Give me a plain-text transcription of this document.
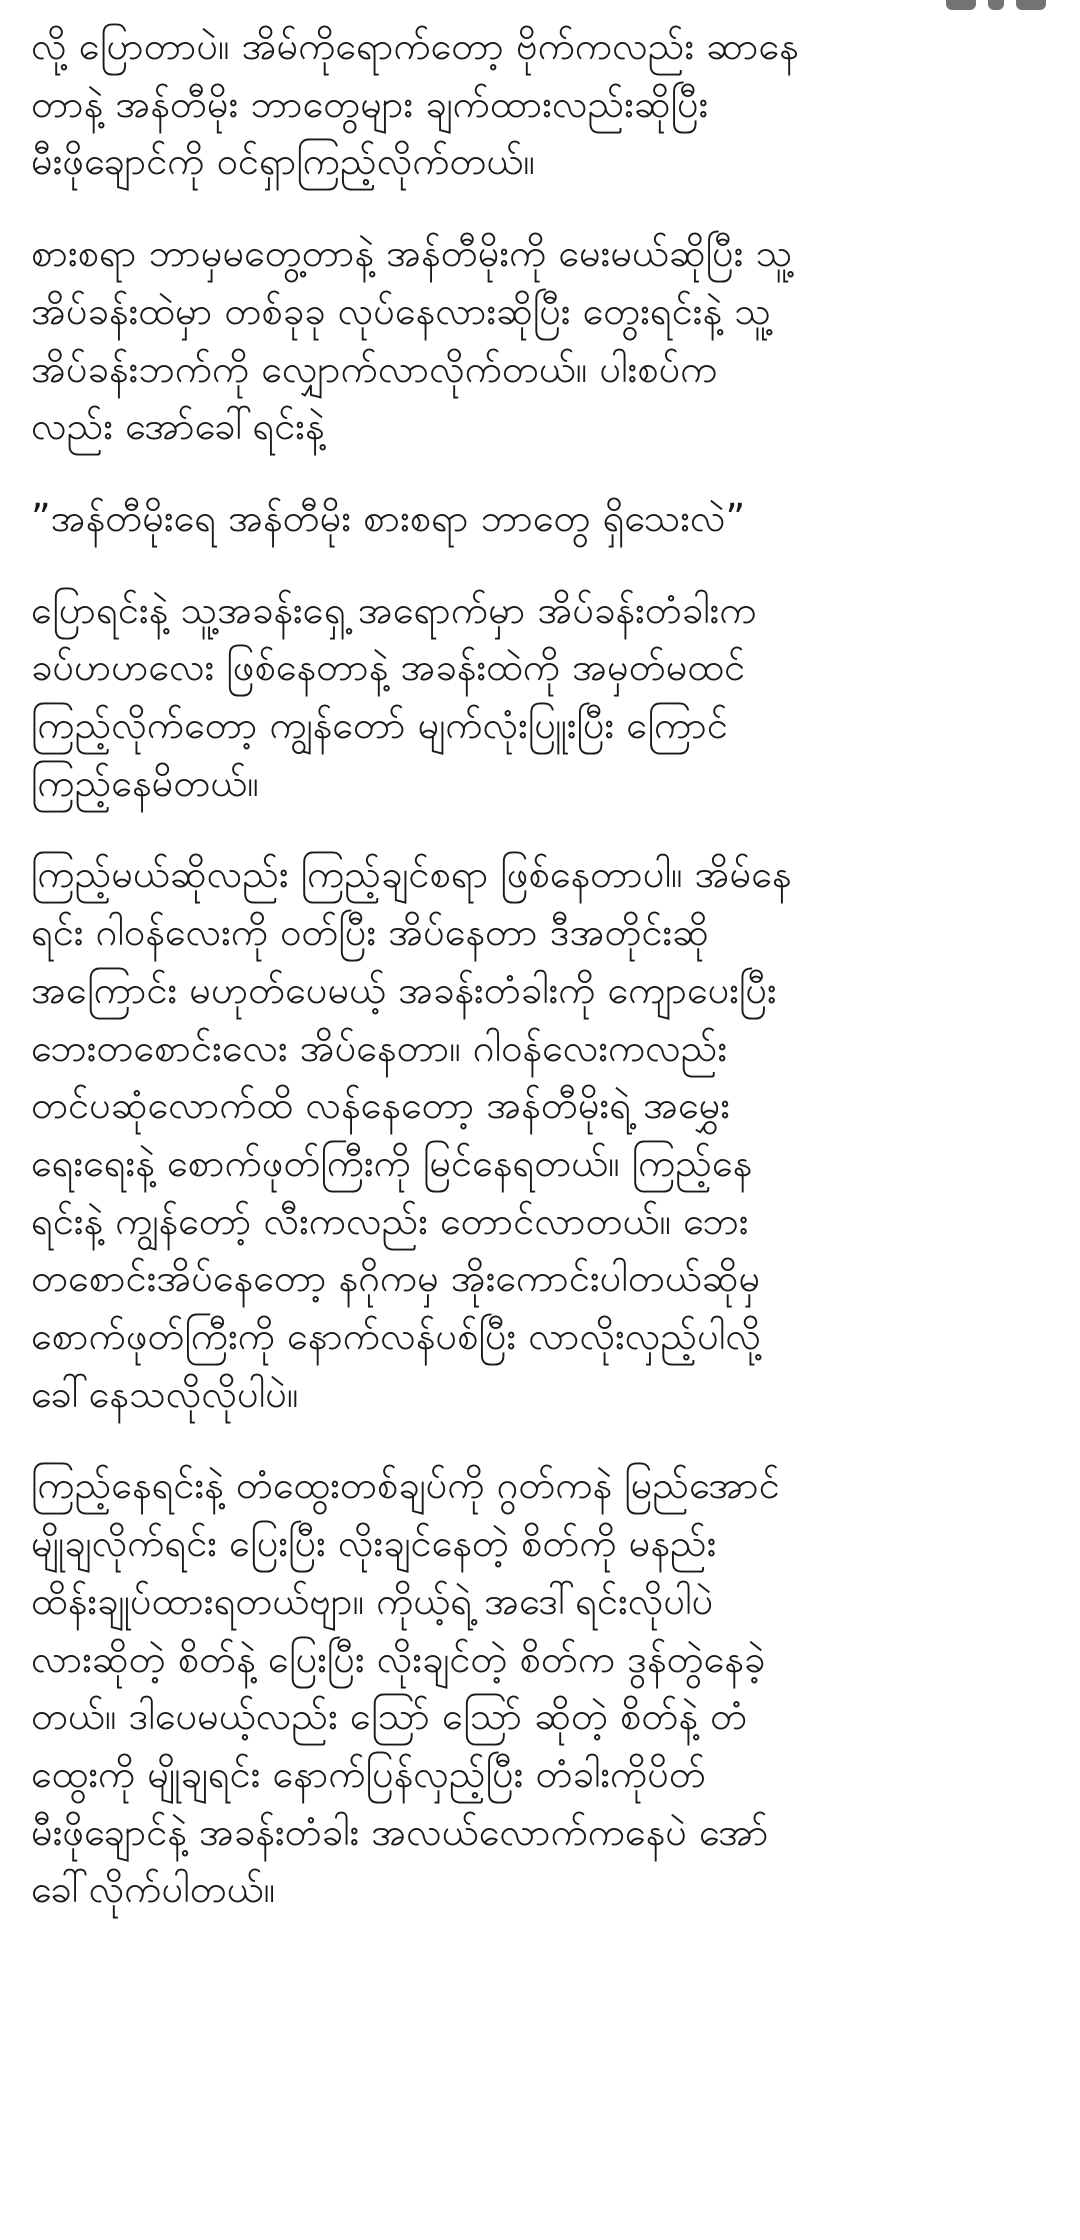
လို့ ပြောတာပဲ။ အိမ်ကိုရောက်တော့ ဗိုက်ကလည်း ဆာနေ
တာနဲ့ အန်တီမိုး ဘာတွေများ ချက်ထားလည်းဆိုပြီး
မီးဖိုချောင်ကို ဝင်ရှာကြည့်လိုက်တယ်။

စားစရာ ဘာမှမတွေ့တာနဲ့ အန်တီမိုးကို မေးမယ်ဆိုပြီး သူ့
အိပ်ခန်းထဲမှာ တစ်ခုခု လုပ်နေလားဆိုပြီး တွေးရင်းနဲ့ သူ့
အိပ်ခန်းဘက်ကို လျှောက်လာလိုက်တယ်။ ပါးစပ်က
လည်း အော်ခေါ်ရင်းနဲ့

”အန်တီမိုးရေ အန်တီမိုး စားစရာ ဘာတွေ ရှိသေးလဲ”

ပြောရင်းနဲ့ သူ့အခန်းရှေ့ အရောက်မှာ အိပ်ခန်းတံခါးက
ခပ်ဟဟလေး ဖြစ်နေတာနဲ့ အခန်းထဲကို အမှတ်မထင်
ကြည့်လိုက်တော့ ကျွန်တော် မျက်လုံးပြူးပြီး ကြောင်
ကြည့်နေမိတယ်။

ကြည့်မယ်ဆိုလည်း ကြည့်ချင်စရာ ဖြစ်နေတာပါ။ အိမ်နေ
ရင်း ဂါဝန်လေးကို ဝတ်ပြီး အိပ်နေတာ ဒီအတိုင်းဆို
အကြောင်း မဟုတ်ပေမယ့် အခန်းတံခါးကို ကျောပေးပြီး
ဘေးတစောင်းလေး အိပ်နေတာ။ ဂါဝန်လေးကလည်း
တင်ပဆုံလောက်ထိ လန်နေတော့ အန်တီမိုးရဲ့ အမွှေး
ရေးရေးနဲ့ စောက်ဖုတ်ကြီးကို မြင်နေရတယ်။ ကြည့်နေ
ရင်းနဲ့ ကျွန်တော့် လီးကလည်း တောင်လာတယ်။ ဘေး
တစောင်းအိပ်နေတော့ နဂိုကမှ အိုးကောင်းပါတယ်ဆိုမှ
စောက်ဖုတ်ကြီးကို နောက်လန်ပစ်ပြီး လာလိုးလှည့်ပါလို့
ခေါ်နေသလိုလိုပါပဲ။

ကြည့်နေရင်းနဲ့ တံထွေးတစ်ချပ်ကို ဂွတ်ကနဲ မြည်အောင်
မျိုချလိုက်ရင်း ပြေးပြီး လိုးချင်နေတဲ့ စိတ်ကို မနည်း
ထိန်းချုပ်ထားရတယ်ဗျာ။ ကိုယ့်ရဲ့ အဒေါ်ရင်းလိုပါပဲ
လားဆိုတဲ့ စိတ်နဲ့ ပြေးပြီး လိုးချင်တဲ့ စိတ်က ဒွန်တွဲနေခဲ့
တယ်။ ဒါပေမယ့်လည်း သြော် သြော် ဆိုတဲ့ စိတ်နဲ့ တံ
ထွေးကို မျိုချရင်း နောက်ပြန်လှည့်ပြီး တံခါးကိုပိတ်
မီးဖိုချောင်နဲ့ အခန်းတံခါး အလယ်လောက်ကနေပဲ အော်
ခေါ်လိုက်ပါတယ်။
